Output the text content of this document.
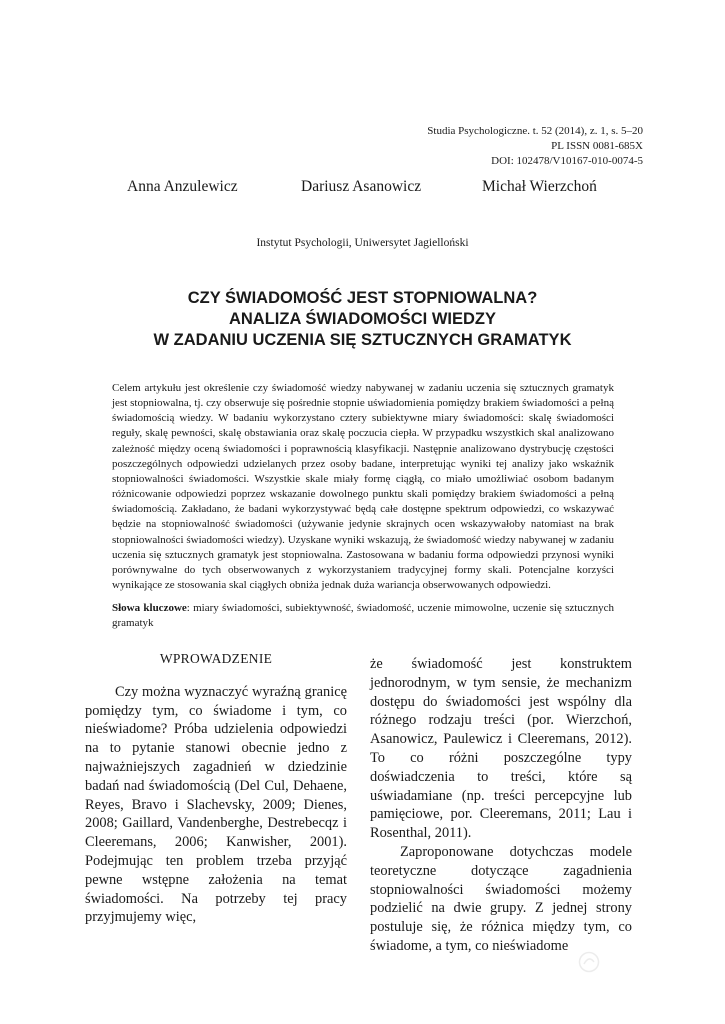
Studia Psychologiczne. t. 52 (2014), z. 1, s. 5–20
PL ISSN 0081-685X
DOI: 102478/V10167-010-0074-5
Anna Anzulewicz	Dariusz Asanowicz	Michał Wierzchoń
Instytut Psychologii, Uniwersytet Jagielloński
CZY ŚWIADOMOŚĆ JEST STOPNIOWALNA?
ANALIZA ŚWIADOMOŚCI WIEDZY
W ZADANIU UCZENIA SIĘ SZTUCZNYCH GRAMATYK
Celem artykułu jest określenie czy świadomość wiedzy nabywanej w zadaniu uczenia się sztucznych gramatyk jest stopniowalna, tj. czy obserwuje się pośrednie stopnie uświadomienia pomiędzy brakiem świadomości a pełną świadomością wiedzy. W badaniu wykorzystano cztery subiektywne miary świadomości: skalę świadomości reguły, skalę pewności, skalę obstawiania oraz skalę poczucia ciepła. W przypadku wszystkich skal analizowano zależność między oceną świadomości i poprawnością klasyfikacji. Następnie analizowano dystrybucję częstości poszczególnych odpowiedzi udzielanych przez osoby badane, interpretując wyniki tej analizy jako wskaźnik stopniowalności świadomości. Wszystkie skale miały formę ciągłą, co miało umożliwiać osobom badanym różnicowanie odpowiedzi poprzez wskazanie dowolnego punktu skali pomiędzy brakiem świadomości a pełną świadomością. Zakładano, że badani wykorzystywać będą całe dostępne spektrum odpowiedzi, co wskazywać będzie na stopniowalność świadomości (używanie jedynie skrajnych ocen wskazywałoby natomiast na brak stopniowalności świadomości wiedzy). Uzyskane wyniki wskazują, że świadomość wiedzy nabywanej w zadaniu uczenia się sztucznych gramatyk jest stopniowalna. Zastosowana w badaniu forma odpowiedzi przynosi wyniki porównywalne do tych obserwowanych z wykorzystaniem tradycyjnej formy skali. Potencjalne korzyści wynikające ze stosowania skal ciągłych obniża jednak duża wariancja obserwowanych odpowiedzi.
Słowa kluczowe: miary świadomości, subiektywność, świadomość, uczenie mimowolne, uczenie się sztucznych gramatyk
WPROWADZENIE

Czy można wyznaczyć wyraźną granicę pomiędzy tym, co świadome i tym, co nieświadome? Próba udzielenia odpowiedzi na to pytanie stanowi obecnie jedno z najważniejszych zagadnień w dziedzinie badań nad świadomością (Del Cul, Dehaene, Reyes, Bravo i Slachevsky, 2009; Dienes, 2008; Gaillard, Vandenberghe, Destrebecqz i Cleeremans, 2006; Kanwisher, 2001). Podejmując ten problem trzeba przyjąć pewne wstępne założenia na temat świadomości. Na potrzeby tej pracy przyjmujemy więc,

że świadomość jest konstruktem jednorodnym, w tym sensie, że mechanizm dostępu do świadomości jest wspólny dla różnego rodzaju treści (por. Wierzchoń, Asanowicz, Paulewicz i Cleeremans, 2012). To co różni poszczególne typy doświadczenia to treści, które są uświadamiane (np. treści percepcyjne lub pamięciowe, por. Cleeremans, 2011; Lau i Rosenthal, 2011).

Zaproponowane dotychczas modele teoretyczne dotyczące zagadnienia stopniowalności świadomości możemy podzielić na dwie grupy. Z jednej strony postuluje się, że różnica między tym, co świadome, a tym, co nieświadome
